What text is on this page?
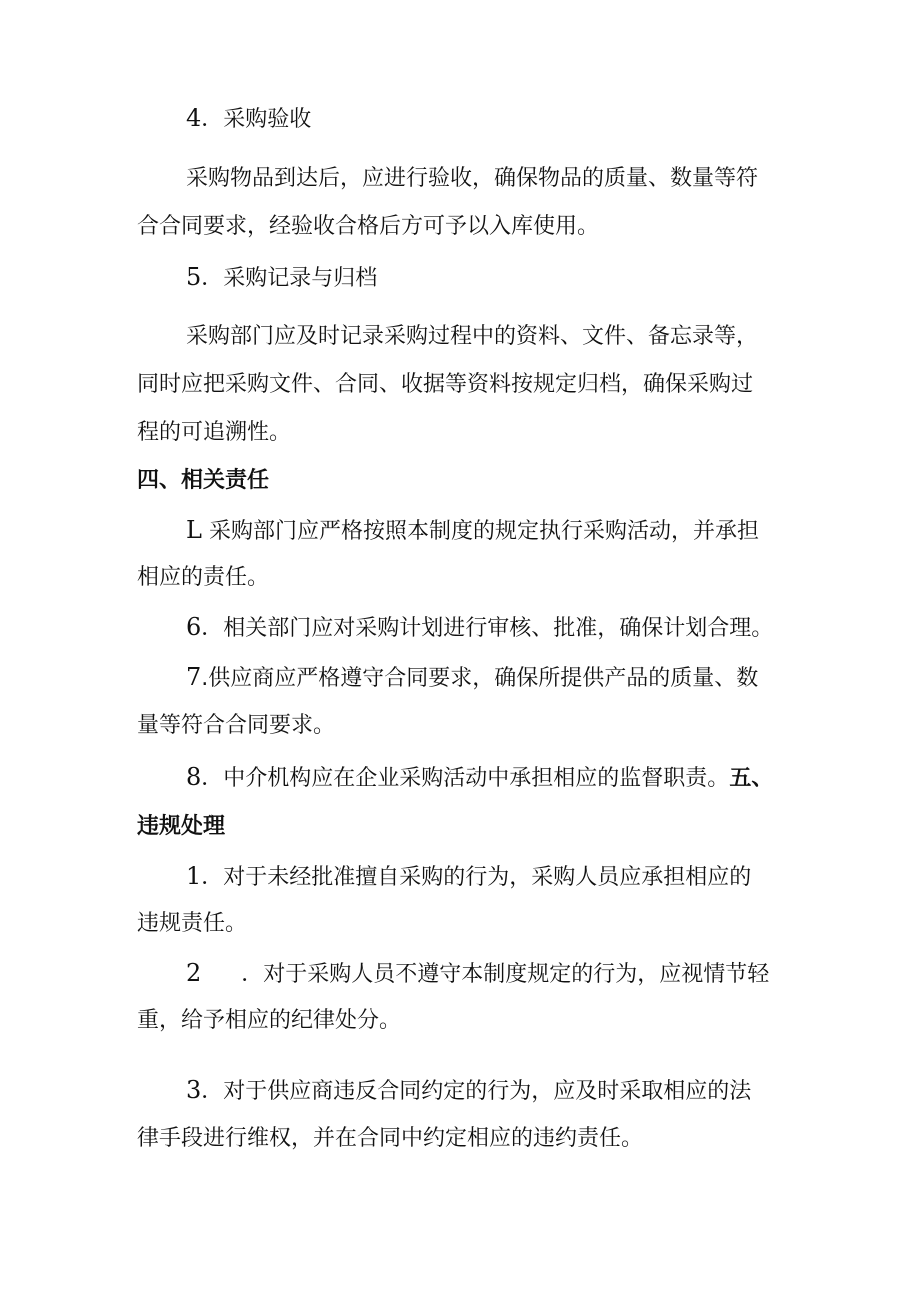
4．采购验收

采购物品到达后，应进行验收，确保物品的质量、数量等符

合合同要求，经验收合格后方可予以入库使用。

5．采购记录与归档

采购部门应及时记录采购过程中的资料、文件、备忘录等，

同时应把采购文件、合同、收据等资料按规定归档，确保采购过

程的可追溯性。

四、相关责任

L 采购部门应严格按照本制度的规定执行采购活动，并承担

相应的责任。

6．相关部门应对采购计划进行审核、批准，确保计划合理。

7.供应商应严格遵守合同要求，确保所提供产品的质量、数

量等符合合同要求。

8．中介机构应在企业采购活动中承担相应的监督职责。五、

违规处理

1．对于未经批准擅自采购的行为，采购人员应承担相应的

违规责任。

2 ．对于采购人员不遵守本制度规定的行为，应视情节轻

重，给予相应的纪律处分。

3．对于供应商违反合同约定的行为，应及时采取相应的法

律手段进行维权，并在合同中约定相应的违约责任。
